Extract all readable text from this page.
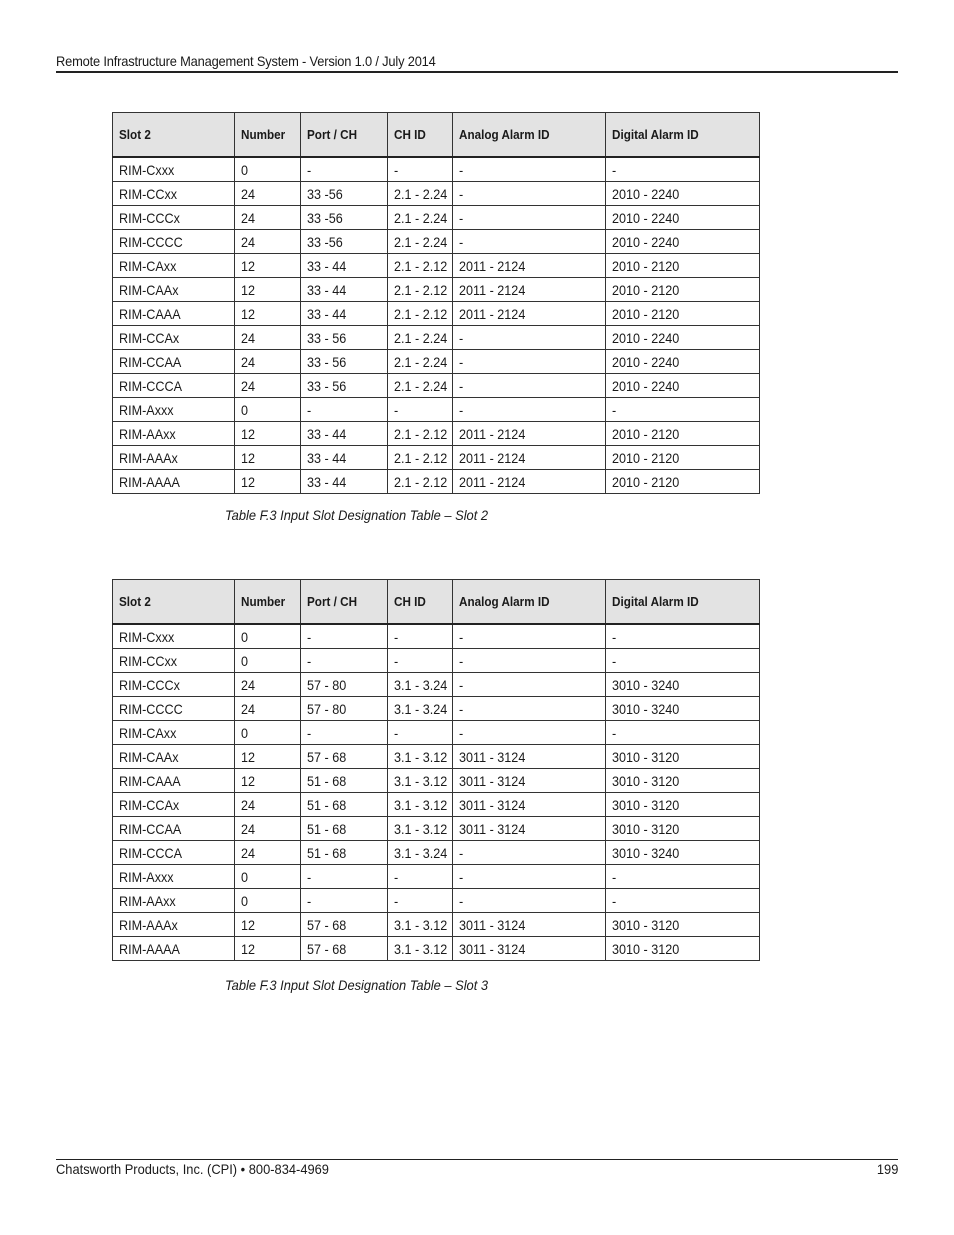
Remote Infrastructure Management System - Version 1.0 / July 2014
Slot 2	Number	Port / CH	CH ID	Analog Alarm ID	Digital Alarm ID
RIM-Cxxx	0	-	-	-	-
RIM-CCxx	24	33 -56	2.1 - 2.24	-	2010 - 2240
RIM-CCCx	24	33 -56	2.1 - 2.24	-	2010 - 2240
RIM-CCCC	24	33 -56	2.1 - 2.24	-	2010 - 2240
RIM-CAxx	12	33 - 44	2.1 - 2.12	2011 - 2124	2010 - 2120
RIM-CAAx	12	33 - 44	2.1 - 2.12	2011 - 2124	2010 - 2120
RIM-CAAA	12	33 - 44	2.1 - 2.12	2011 - 2124	2010 - 2120
RIM-CCAx	24	33 - 56	2.1 - 2.24	-	2010 - 2240
RIM-CCAA	24	33 - 56	2.1 - 2.24	-	2010 - 2240
RIM-CCCA	24	33 - 56	2.1 - 2.24	-	2010 - 2240
RIM-Axxx	0	-	-	-	-
RIM-AAxx	12	33 - 44	2.1 - 2.12	2011 - 2124	2010 - 2120
RIM-AAAx	12	33 - 44	2.1 - 2.12	2011 - 2124	2010 - 2120
RIM-AAAA	12	33 - 44	2.1 - 2.12	2011 - 2124	2010 - 2120
Table F.3 Input Slot Designation Table – Slot 2
Slot 2	Number	Port / CH	CH ID	Analog Alarm ID	Digital Alarm ID
RIM-Cxxx	0	-	-	-	-
RIM-CCxx	0	-	-	-	-
RIM-CCCx	24	57 - 80	3.1 - 3.24	-	3010 - 3240
RIM-CCCC	24	57 - 80	3.1 - 3.24	-	3010 - 3240
RIM-CAxx	0	-	-	-	-
RIM-CAAx	12	57 - 68	3.1 - 3.12	3011 - 3124	3010 - 3120
RIM-CAAA	12	51 - 68	3.1 - 3.12	3011 - 3124	3010 - 3120
RIM-CCAx	24	51 - 68	3.1 - 3.12	3011 - 3124	3010 - 3120
RIM-CCAA	24	51 - 68	3.1 - 3.12	3011 - 3124	3010 - 3120
RIM-CCCA	24	51 - 68	3.1 - 3.24	-	3010 - 3240
RIM-Axxx	0	-	-	-	-
RIM-AAxx	0	-	-	-	-
RIM-AAAx	12	57 - 68	3.1 - 3.12	3011 - 3124	3010 - 3120
RIM-AAAA	12	57 - 68	3.1 - 3.12	3011 - 3124	3010 - 3120
Table F.3 Input Slot Designation Table – Slot 3
Chatsworth Products, Inc. (CPI) • 800-834-4969	199
